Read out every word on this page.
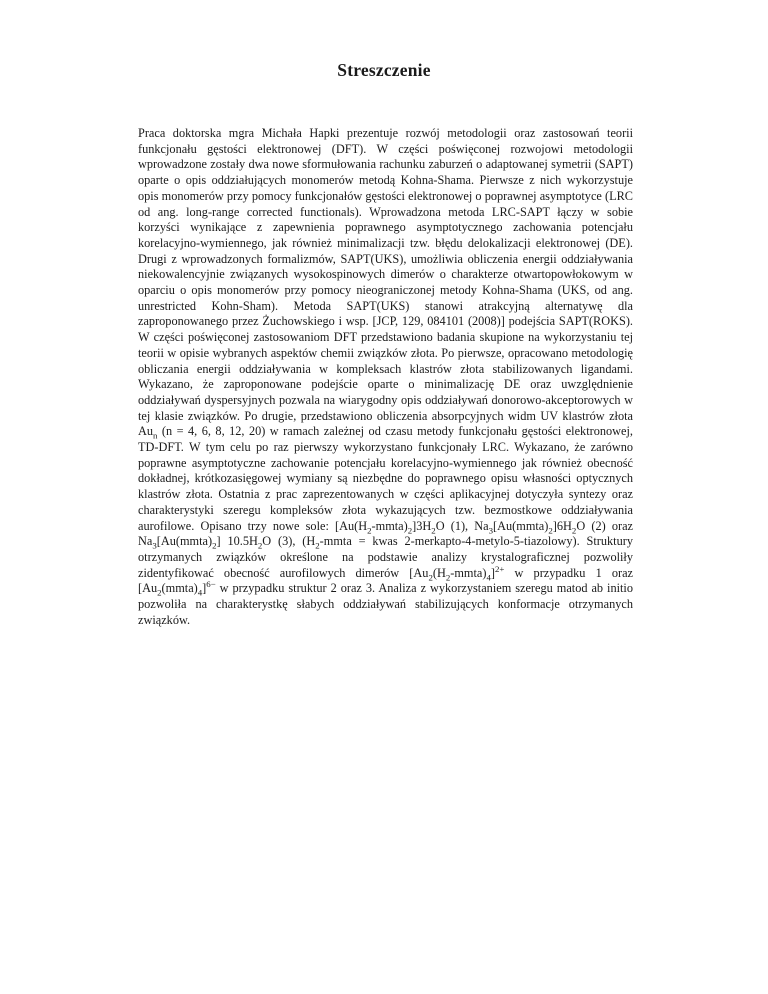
Streszczenie

Praca doktorska mgra Michała Hapki prezentuje rozwój metodologii oraz zastosowań teorii funkcjonału gęstości elektronowej (DFT). W części poświęconej rozwojowi metodologii wprowadzone zostały dwa nowe sformułowania rachunku zaburzeń o adaptowanej symetrii (SAPT) oparte o opis oddziałujących monomerów metodą Kohna-Shama. Pierwsze z nich wykorzystuje opis monomerów przy pomocy funkcjonałów gęstości elektronowej o poprawnej asymptotyce (LRC od ang. long-range corrected functionals). Wprowadzona metoda LRC-SAPT łączy w sobie korzyści wynikające z zapewnienia poprawnego asymptotycznego zachowania potencjału korelacyjno-wymiennego, jak również minimalizacji tzw. błędu delokalizacji elektronowej (DE). Drugi z wprowadzonych formalizmów, SAPT(UKS), umożliwia obliczenia energii oddziaływania niekowalencyjnie związanych wysokospinowych dimerów o charakterze otwartopowłokowym w oparciu o opis monomerów przy pomocy nieograniczonej metody Kohna-Shama (UKS, od ang. unrestricted Kohn-Sham). Metoda SAPT(UKS) stanowi atrakcyjną alternatywę dla zaproponowanego przez Żuchowskiego i wsp. [JCP, 129, 084101 (2008)] podejścia SAPT(ROKS). W części poświęconej zastosowaniom DFT przedstawiono badania skupione na wykorzystaniu tej teorii w opisie wybranych aspektów chemii związków złota. Po pierwsze, opracowano metodologię obliczania energii oddziaływania w kompleksach klastrów złota stabilizowanych ligandami. Wykazano, że zaproponowane podejście oparte o minimalizację DE oraz uwzględnienie oddziaływań dyspersyjnych pozwala na wiarygodny opis oddziaływań donorowo-akceptorowych w tej klasie związków. Po drugie, przedstawiono obliczenia absorpcyjnych widm UV klastrów złota $Au_n$ (n = 4, 6, 8, 12, 20) w ramach zależnej od czasu metody funkcjonału gęstości elektronowej, TD-DFT. W tym celu po raz pierwszy wykorzystano funkcjonały LRC. Wykazano, że zarówno poprawne asymptotyczne zachowanie potencjału korelacyjno-wymiennego jak również obecność dokładnej, krótkozasięgowej wymiany są niezbędne do poprawnego opisu własności optycznych klastrów złota. Ostatnia z prac zaprezentowanych w części aplikacyjnej dotyczyła syntezy oraz charakterystyki szeregu kompleksów złota wykazujących tzw. bezmostkowe oddziaływania aurofilowe. Opisano trzy nowe sole: $[Au(H_2-mmta)_2]3H_2O$ (1), $Na_3[Au(mmta)_2]6H_2O$ (2) oraz $Na_3[Au(mmta)_2]$ $10.5H_2O$ (3), ($H_2$-mmta = kwas 2-merkapto-4-metylo-5-tiazolowy). Struktury otrzymanych związków określone na podstawie analizy krystalograficznej pozwoliły zidentyfikować obecność aurofilowych dimerów $[Au_2(H_2-mmta)_4]^{2+}$ w przypadku 1 oraz $[Au_2(mmta)_4]^{6-}$ w przypadku struktur 2 oraz 3. Analiza z wykorzystaniem szeregu matod ab initio pozwoliła na charakterystkę słabych oddziaływań stabilizujących konformacje otrzymanych związków.
